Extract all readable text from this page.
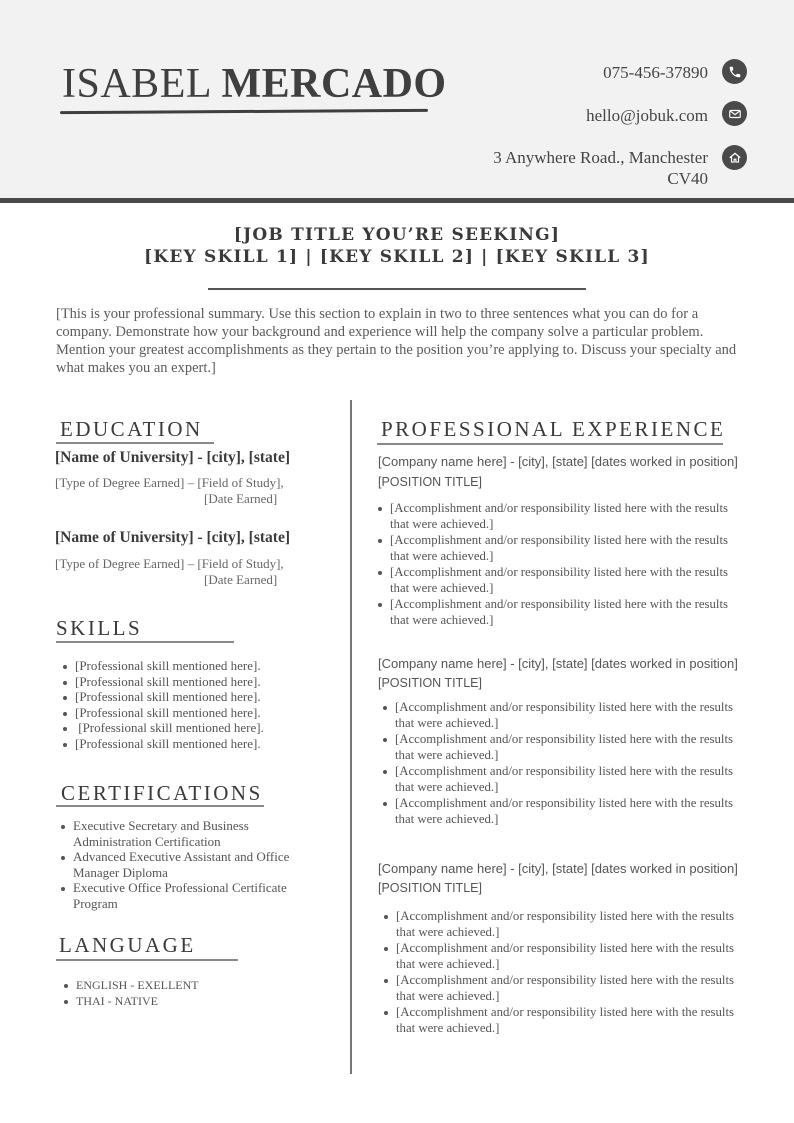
ISABEL MERCADO	075-456-37890
hello@jobuk.com
3 Anywhere Road., Manchester
CV40
[JOB TITLE YOU’RE SEEKING]
[KEY SKILL 1] | [KEY SKILL 2] | [KEY SKILL 3]
[This is your professional summary. Use this section to explain in two to three sentences what you can do for a company. Demonstrate how your background and experience will help the company solve a particular problem. Mention your greatest accomplishments as they pertain to the position you’re applying to. Discuss your specialty and what makes you an expert.]
EDUCATION
[Name of University] - [city], [state]
[Type of Degree Earned] – [Field of Study],
[Date Earned]
[Name of University] - [city], [state]
[Type of Degree Earned] – [Field of Study],
[Date Earned]
SKILLS
[Professional skill mentioned here].
[Professional skill mentioned here].
[Professional skill mentioned here].
[Professional skill mentioned here].
[Professional skill mentioned here].
[Professional skill mentioned here].
CERTIFICATIONS
Executive Secretary and Business Administration Certification
Advanced Executive Assistant and Office Manager Diploma
Executive Office Professional Certificate Program
LANGUAGE
ENGLISH - EXELLENT
THAI - NATIVE
PROFESSIONAL EXPERIENCE
[Company name here] - [city], [state] [dates worked in position]
[POSITION TITLE]
[Accomplishment and/or responsibility listed here with the results that were achieved.]
[Accomplishment and/or responsibility listed here with the results that were achieved.]
[Accomplishment and/or responsibility listed here with the results that were achieved.]
[Accomplishment and/or responsibility listed here with the results that were achieved.]
[Company name here] - [city], [state] [dates worked in position]
[POSITION TITLE]
[Accomplishment and/or responsibility listed here with the results that were achieved.]
[Accomplishment and/or responsibility listed here with the results that were achieved.]
[Accomplishment and/or responsibility listed here with the results that were achieved.]
[Accomplishment and/or responsibility listed here with the results that were achieved.]
[Company name here] - [city], [state] [dates worked in position]
[POSITION TITLE]
[Accomplishment and/or responsibility listed here with the results that were achieved.]
[Accomplishment and/or responsibility listed here with the results that were achieved.]
[Accomplishment and/or responsibility listed here with the results that were achieved.]
[Accomplishment and/or responsibility listed here with the results that were achieved.]
